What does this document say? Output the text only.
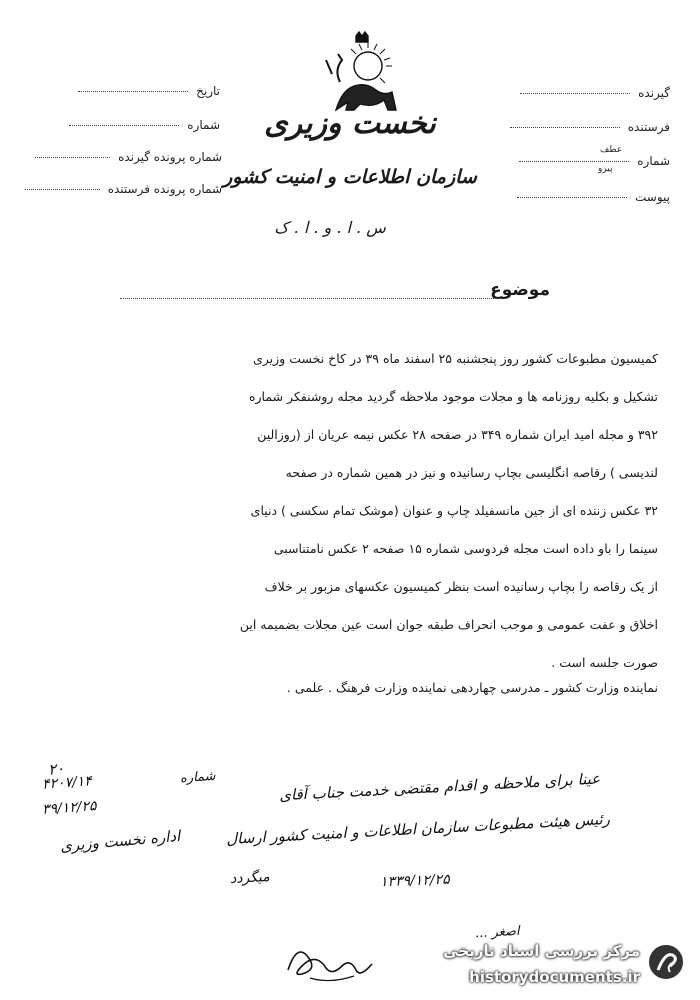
تاریخ
شماره
شماره پرونده گیرنده
شماره پرونده فرستنده
گیرنده
فرستنده
شماره
عطف
پیرو
پیوست
نخست وزیری
سازمان اطلاعات و امنیت کشور
س . ا . و . ا . ک
موضوع
کمیسیون مطبوعات کشور روز پنجشنبه ۲۵ اسفند ماه ۳۹ در کاخ نخست وزیری
تشکیل و بکلیه روزنامه ها و مجلات موجود ملاحظه گردید مجله روشنفکر شماره
۳۹۲ و مجله امید ایران شماره ۳۴۹ در صفحه ۲۸ عکس نیمه عریان از (روزالین
لندیسی ) رقاصه انگلیسی بچاپ رسانیده و نیز در همین شماره در صفحه
۳۲ عکس زننده ای از جین مانسفیلد چاپ و عنوان (موشک تمام سکسی ) دنیای
سینما را باو داده است مجله فردوسی شماره ۱۵ صفحه ۲ عکس نامتناسبی
از یک رقاصه را بچاپ رسانیده است بنظر کمیسیون عکسهای مزبور بر خلاف
اخلاق و عفت عمومی و موجب انحراف طبقه جوان است عین مجلات بضمیمه این
صورت جلسه است .
نماینده وزارت کشور ـ مدرسی چهاردهی نماینده وزارت فرهنگ . علمی .
۲۰
۴۲۰۷/۱۴	شماره
۳۹/۱۲/۲۵
اداره نخست وزیری
عینا برای ملاحظه و اقدام مقتضی خدمت جناب آقای
رئیس هیئت مطبوعات سازمان اطلاعات و امنیت کشور ارسال
میگردد	۱۳۳۹/۱۲/۲۵
اصغر ...
مرکز بررسی اسناد تاریخی
historydocuments.ir
